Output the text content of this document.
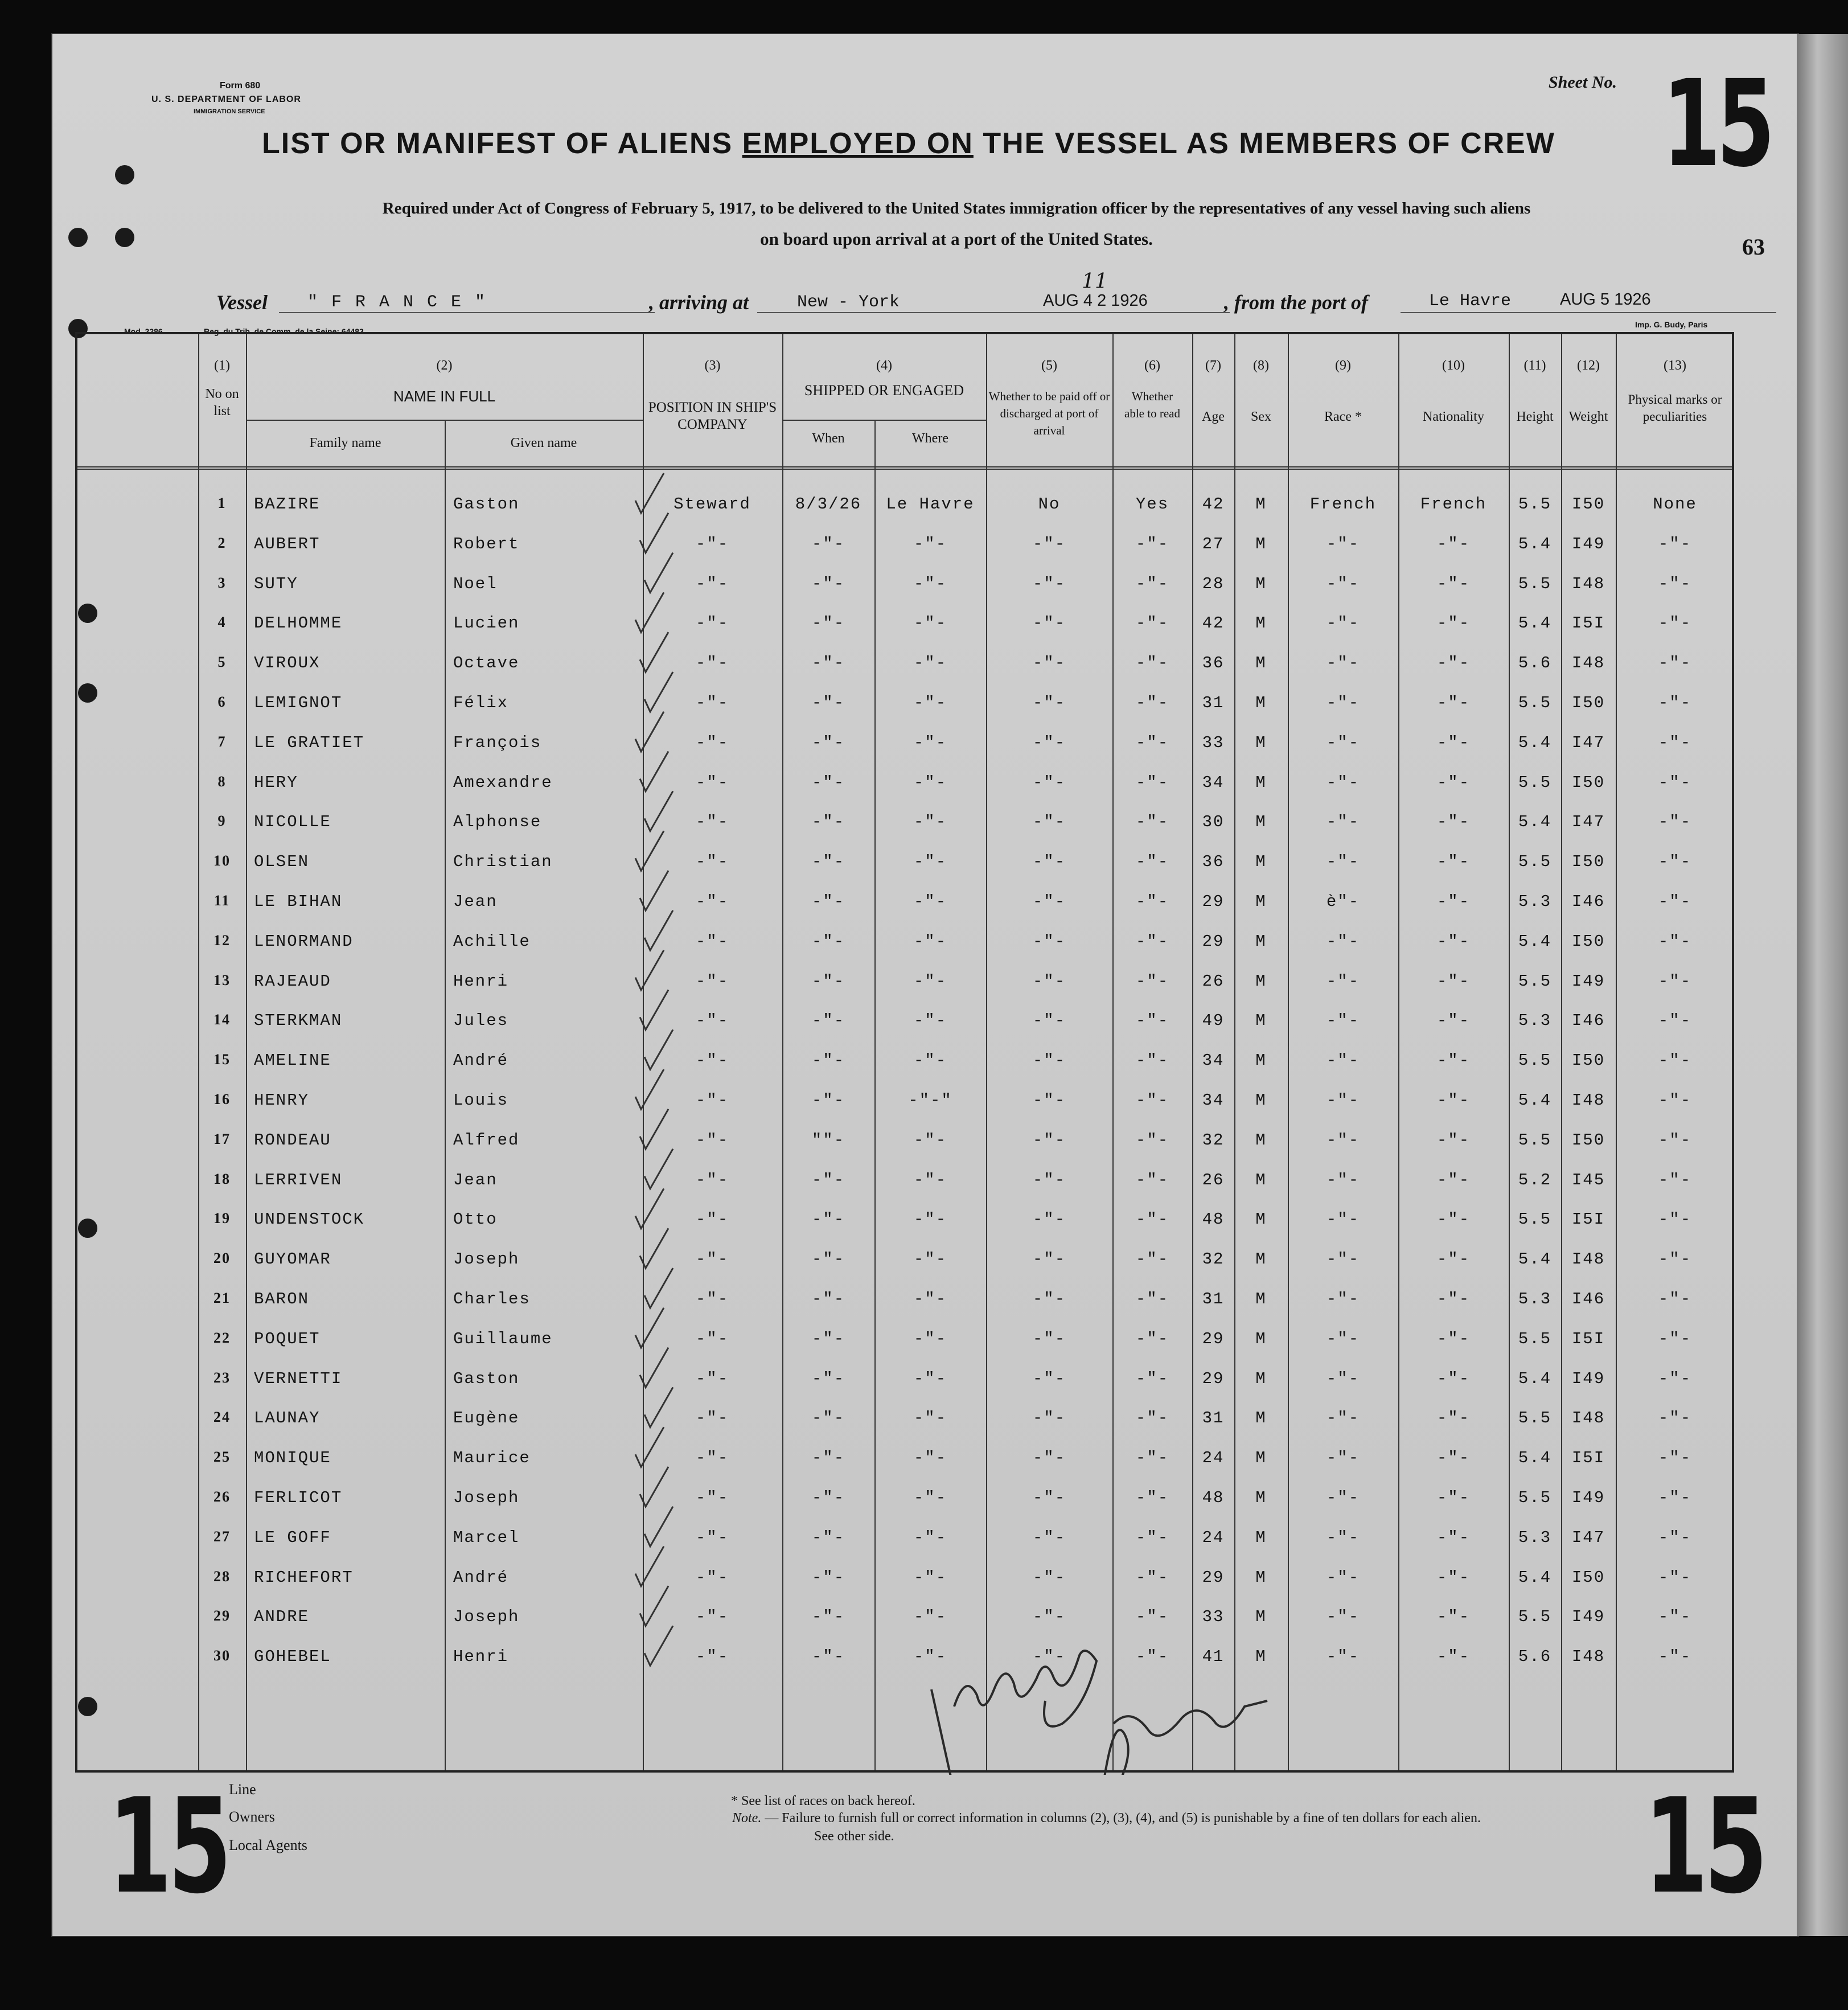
Form 680
U. S. DEPARTMENT OF LABOR
IMMIGRATION SERVICE
Sheet No. 15
63
LIST OR MANIFEST OF ALIENS EMPLOYED ON THE VESSEL AS MEMBERS OF CREW
Required under Act of Congress of February 5, 1917, to be delivered to the United States immigration officer by the representatives of any vessel having such aliens
on board upon arrival at a port of the United States.
Vessel " F R A N C E "	, arriving at	New - York	AUG 4 2 1926
11
, from the port of	Le Havre	AUG 5 1926
Mod. 2286	Reg. du Trib. de Comm. de la Seine: 64483
Imp. G. Budy, Paris
(1)
No on list
(2)
NAME IN FULL
Family name	Given name
(3)
POSITION IN SHIP'S COMPANY
(4)
SHIPPED OR ENGAGED
When	Where
(5)
Whether to be paid off or discharged at port of arrival
(6)
Whether able to read
(7)
Age
(8)
Sex
(9)
Race *
(10)
Nationality
(11)
Height
(12)
Weight
(13)
Physical marks or peculiarities
1	BAZIRE	Gaston	Steward	8/3/26	Le Havre	No	Yes	42	M	French	French	5.5	I50	None
2	AUBERT	Robert	-"-	-"-	-"-	-"-	-"-	27	M	-"-	-"-	5.4	I49	-"-
3	SUTY	Noel	-"-	-"-	-"-	-"-	-"-	28	M	-"-	-"-	5.5	I48	-"-
4	DELHOMME	Lucien	-"-	-"-	-"-	-"-	-"-	42	M	-"-	-"-	5.4	I5I	-"-
5	VIROUX	Octave	-"-	-"-	-"-	-"-	-"-	36	M	-"-	-"-	5.6	I48	-"-
6	LEMIGNOT	Félix	-"-	-"-	-"-	-"-	-"-	31	M	-"-	-"-	5.5	I50	-"-
7	LE GRATIET	François	-"-	-"-	-"-	-"-	-"-	33	M	-"-	-"-	5.4	I47	-"-
8	HERY	Amexandre	-"-	-"-	-"-	-"-	-"-	34	M	-"-	-"-	5.5	I50	-"-
9	NICOLLE	Alphonse	-"-	-"-	-"-	-"-	-"-	30	M	-"-	-"-	5.4	I47	-"-
10	OLSEN	Christian	-"-	-"-	-"-	-"-	-"-	36	M	-"-	-"-	5.5	I50	-"-
11	LE BIHAN	Jean	-"-	-"-	-"-	-"-	-"-	29	M	è"-	-"-	5.3	I46	-"-
12	LENORMAND	Achille	-"-	-"-	-"-	-"-	-"-	29	M	-"-	-"-	5.4	I50	-"-
13	RAJEAUD	Henri	-"-	-"-	-"-	-"-	-"-	26	M	-"-	-"-	5.5	I49	-"-
14	STERKMAN	Jules	-"-	-"-	-"-	-"-	-"-	49	M	-"-	-"-	5.3	I46	-"-
15	AMELINE	André	-"-	-"-	-"-	-"-	-"-	34	M	-"-	-"-	5.5	I50	-"-
16	HENRY	Louis	-"-	-"-	-"-"	-"-	-"-	34	M	-"-	-"-	5.4	I48	-"-
17	RONDEAU	Alfred	-"-	""-	-"-	-"-	-"-	32	M	-"-	-"-	5.5	I50	-"-
18	LERRIVEN	Jean	-"-	-"-	-"-	-"-	-"-	26	M	-"-	-"-	5.2	I45	-"-
19	UNDENSTOCK	Otto	-"-	-"-	-"-	-"-	-"-	48	M	-"-	-"-	5.5	I5I	-"-
20	GUYOMAR	Joseph	-"-	-"-	-"-	-"-	-"-	32	M	-"-	-"-	5.4	I48	-"-
21	BARON	Charles	-"-	-"-	-"-	-"-	-"-	31	M	-"-	-"-	5.3	I46	-"-
22	POQUET	Guillaume	-"-	-"-	-"-	-"-	-"-	29	M	-"-	-"-	5.5	I5I	-"-
23	VERNETTI	Gaston	-"-	-"-	-"-	-"-	-"-	29	M	-"-	-"-	5.4	I49	-"-
24	LAUNAY	Eugène	-"-	-"-	-"-	-"-	-"-	31	M	-"-	-"-	5.5	I48	-"-
25	MONIQUE	Maurice	-"-	-"-	-"-	-"-	-"-	24	M	-"-	-"-	5.4	I5I	-"-
26	FERLICOT	Joseph	-"-	-"-	-"-	-"-	-"-	48	M	-"-	-"-	5.5	I49	-"-
27	LE GOFF	Marcel	-"-	-"-	-"-	-"-	-"-	24	M	-"-	-"-	5.3	I47	-"-
28	RICHEFORT	André	-"-	-"-	-"-	-"-	-"-	29	M	-"-	-"-	5.4	I50	-"-
29	ANDRE	Joseph	-"-	-"-	-"-	-"-	-"-	33	M	-"-	-"-	5.5	I49	-"-
30	GOHEBEL	Henri	-"-	-"-	-"-	-"-	-"-	41	M	-"-	-"-	5.6	I48	-"-
15	15
Line
Owners
Local Agents
* See list of races on back hereof.
Note. — Failure to furnish full or correct information in columns (2), (3), (4), and (5) is punishable by a fine of ten dollars for each alien.
See other side.
